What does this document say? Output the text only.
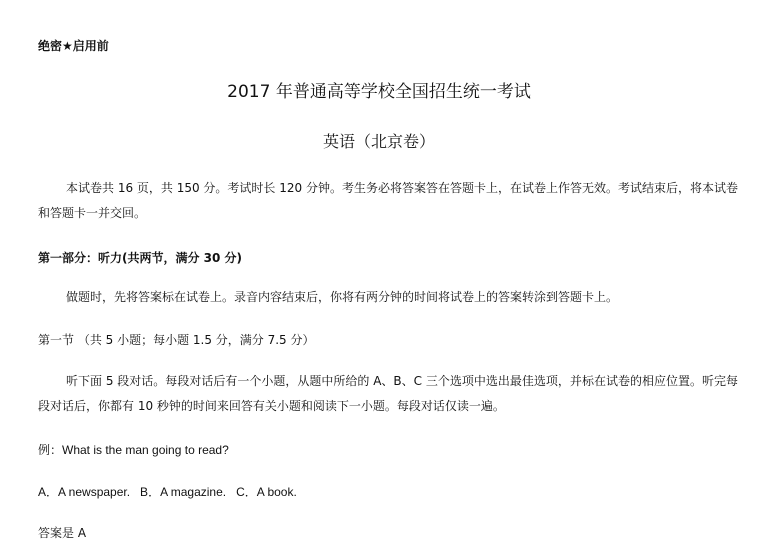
绝密★启用前
2017 年普通高等学校全国招生统一考试
英语（北京卷）
本试卷共 16 页，共 150 分。考试时长 120 分钟。考生务必将答案答在答题卡上，在试卷上作答无效。考试结束后，将本试卷和答题卡一并交回。
第一部分：听力(共两节，满分 30 分)
做题时，先将答案标在试卷上。录音内容结束后，你将有两分钟的时间将试卷上的答案转涂到答题卡上。
第一节 （共 5 小题；每小题 1.5 分，满分 7.5 分）
听下面 5 段对话。每段对话后有一个小题，从题中所给的 A、B、C 三个选项中选出最佳选项，并标在试卷的相应位置。听完每段对话后，你都有 10 秒钟的时间来回答有关小题和阅读下一小题。每段对话仅读一遍。
例：What is the man going to read?
A．A newspaper.   B．A magazine.   C．A book.
答案是 A
